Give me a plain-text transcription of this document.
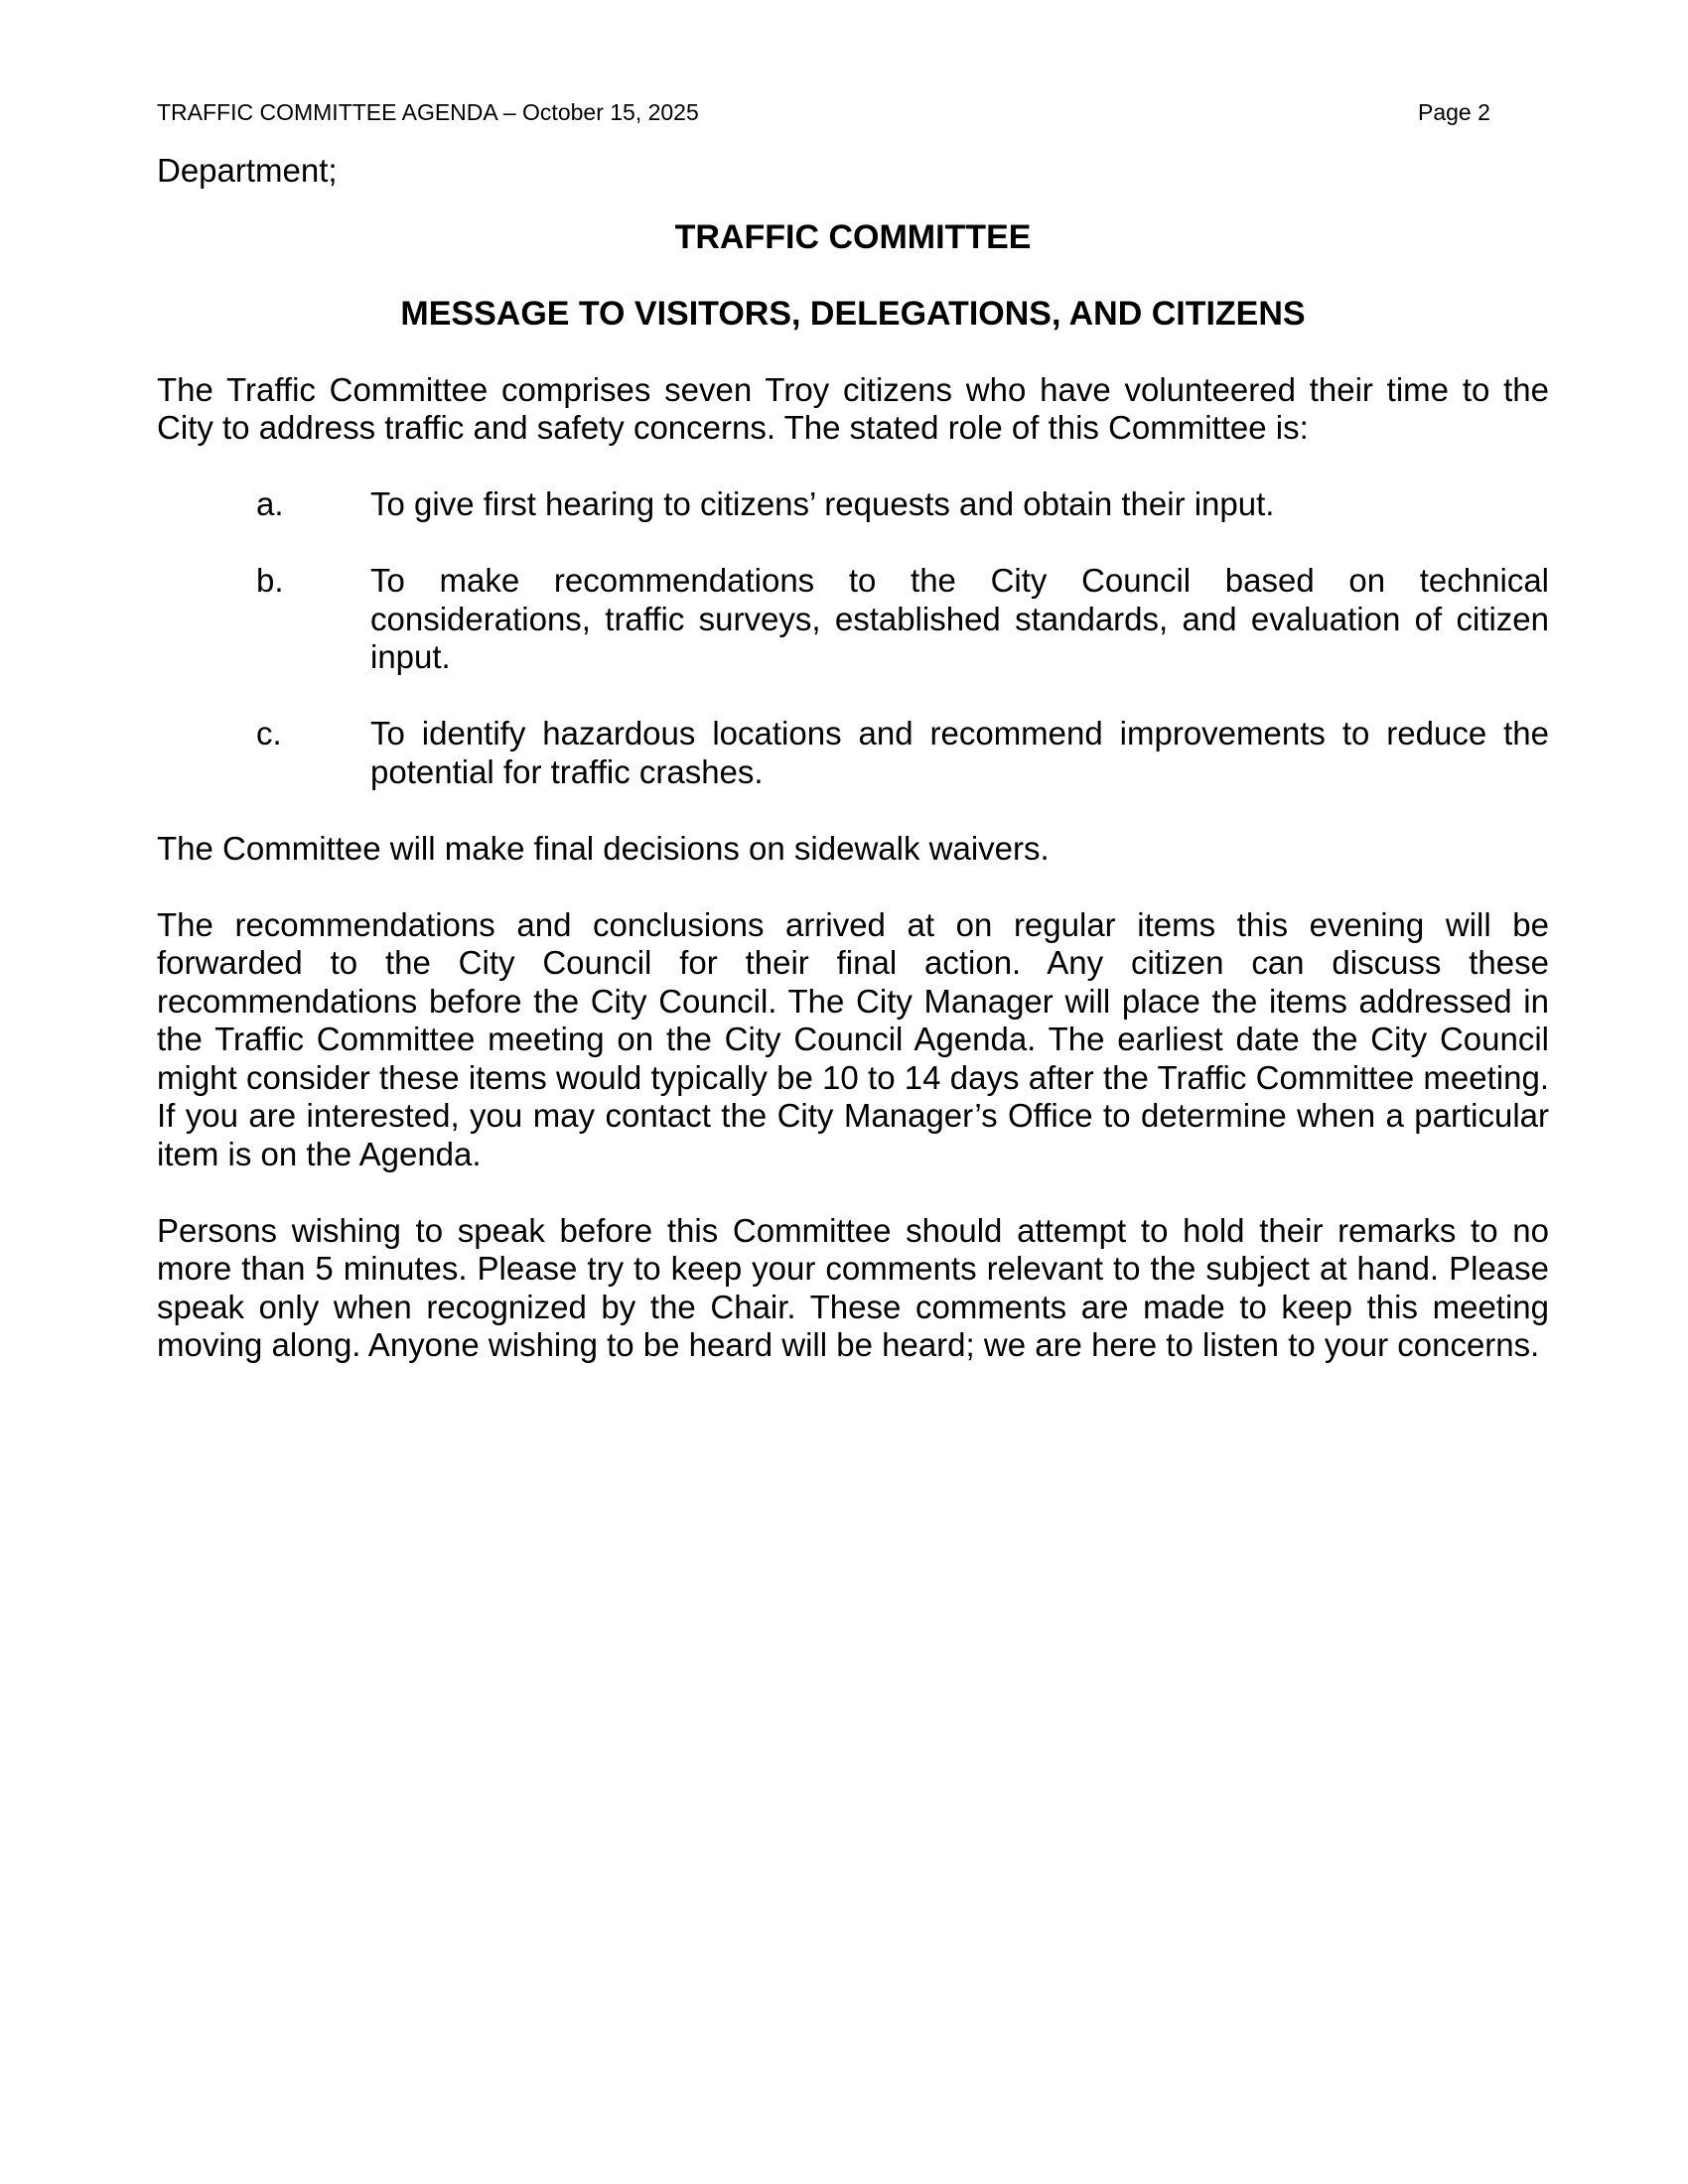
TRAFFIC COMMITTEE AGENDA – October 15, 2025	Page 2

Department;

TRAFFIC COMMITTEE
MESSAGE TO VISITORS, DELEGATIONS, AND CITIZENS

The Traffic Committee comprises seven Troy citizens who have volunteered their time to the City to address traffic and safety concerns. The stated role of this Committee is:

a.	To give first hearing to citizens’ requests and obtain their input.

b.	To make recommendations to the City Council based on technical considerations, traffic surveys, established standards, and evaluation of citizen input.

c.	To identify hazardous locations and recommend improvements to reduce the potential for traffic crashes.

The Committee will make final decisions on sidewalk waivers.

The recommendations and conclusions arrived at on regular items this evening will be forwarded to the City Council for their final action. Any citizen can discuss these recommendations before the City Council. The City Manager will place the items addressed in the Traffic Committee meeting on the City Council Agenda. The earliest date the City Council might consider these items would typically be 10 to 14 days after the Traffic Committee meeting. If you are interested, you may contact the City Manager’s Office to determine when a particular item is on the Agenda.

Persons wishing to speak before this Committee should attempt to hold their remarks to no more than 5 minutes. Please try to keep your comments relevant to the subject at hand. Please speak only when recognized by the Chair. These comments are made to keep this meeting moving along. Anyone wishing to be heard will be heard; we are here to listen to your concerns.
